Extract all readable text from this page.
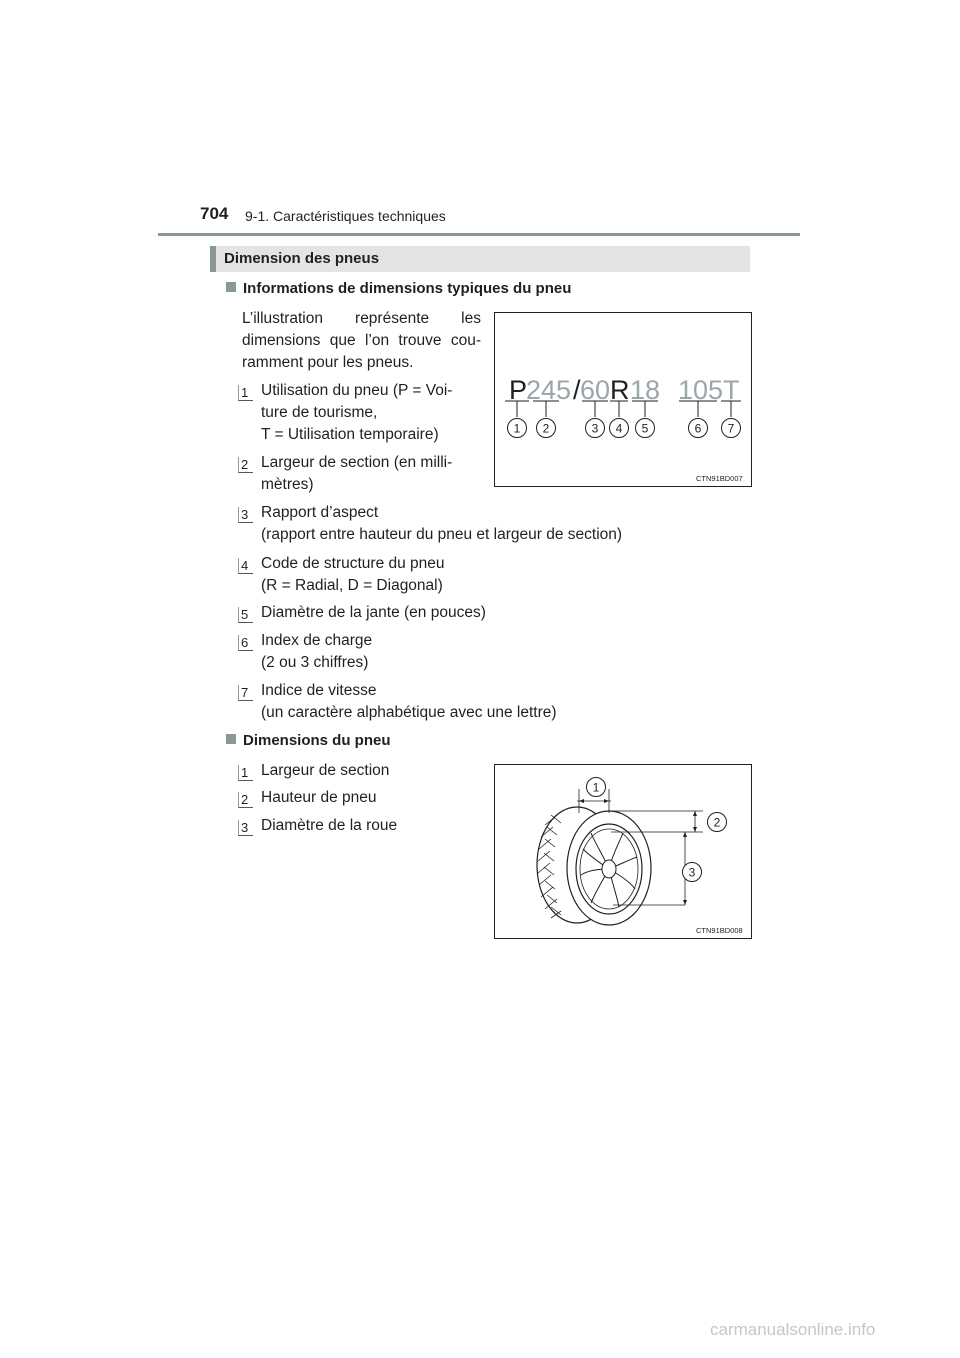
704 9-1. Caractéristiques techniques
Dimension des pneus
Informations de dimensions typiques du pneu
L’illustration représente les dimensions que l’on trouve cou-ramment pour les pneus.
1 Utilisation du pneu (P = Voi-
ture de tourisme,
T = Utilisation temporaire)
2 Largeur de section (en milli-
mètres)
3 Rapport d’aspect
(rapport entre hauteur du pneu et largeur de section)
4 Code de structure du pneu
(R = Radial, D = Diagonal)
5 Diamètre de la jante (en pouces)
6 Index de charge
(2 ou 3 chiffres)
7 Indice de vitesse
(un caractère alphabétique avec une lettre)
P
245 / 60 R 18 105T
1 2	3 4 5	6 7
CTN91BD007
Dimensions du pneu
1 Largeur de section
2 Hauteur de pneu
3 Diamètre de la roue
1
2
3
CTN91BD008
carmanualsonline.info
